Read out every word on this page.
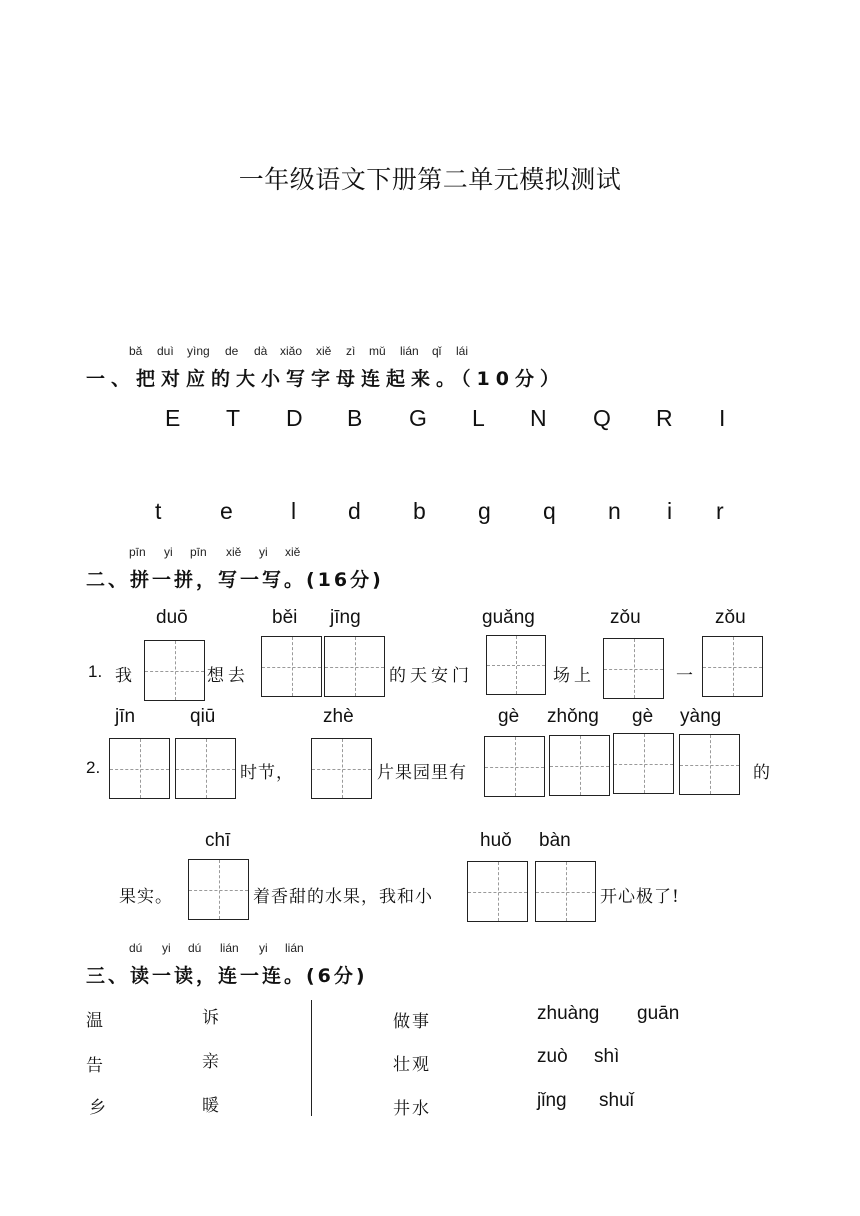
一年级语文下册第二单元模拟测试
bǎ duì yìng de dà xiǎo xiě zì mǔ lián qǐ lái
一、把对应的大小写字母连起来。（10分）
E T D B G L N Q R I
t	e	l d b g q n i r
pīn yi pīn xiě yi xiě
二、拼一拼，写一写。(16分)
duō	běi jīng	guǎng	zǒu	zǒu
1. 我	想去	的天安门	场上	一
jīn	qiū	zhè	gè zhǒng gè yàng
2.	时节，	片果园里有	的
chī	huǒ bàn
果实。	着香甜的水果，我和小	开心极了!
dú yi dú lián yi lián
三、读一读，连一连。(6分)
温
告
乡
诉
亲
暖
做事
壮观
井水
zhuàng guān
zuò shì
jǐng shuǐ
